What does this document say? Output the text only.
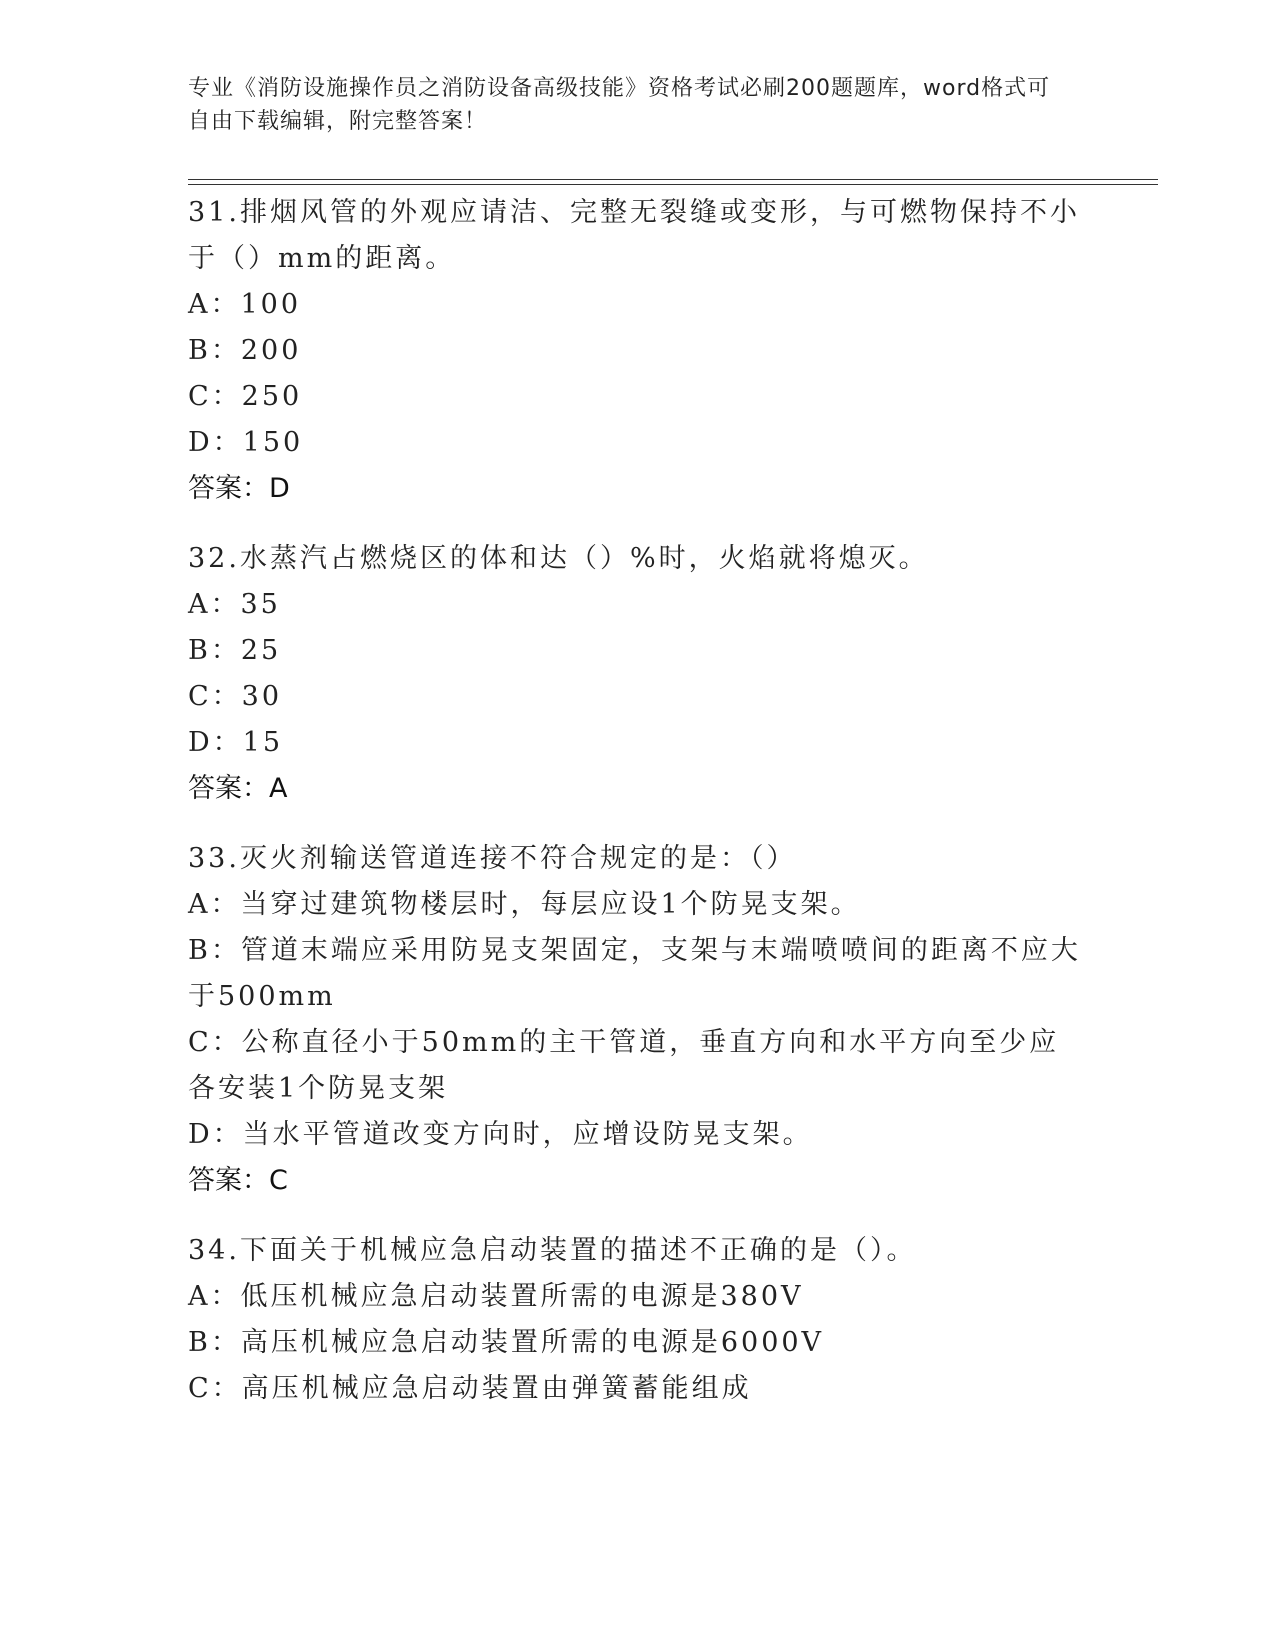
专业《消防设施操作员之消防设备高级技能》资格考试必刷200题题库，word格式可自由下载编辑，附完整答案！
31.排烟风管的外观应请洁、完整无裂缝或变形，与可燃物保持不小于（）mm的距离。
A：100
B：200
C：250
D：150
答案：D
32.水蒸汽占燃烧区的体和达（）%时，火焰就将熄灭。
A：35
B：25
C：30
D：15
答案：A
33.灭火剂输送管道连接不符合规定的是：（）
A：当穿过建筑物楼层时，每层应设1个防晃支架。
B：管道末端应采用防晃支架固定，支架与末端喷喷间的距离不应大于500mm
C：公称直径小于50mm的主干管道，垂直方向和水平方向至少应各安装1个防晃支架
D：当水平管道改变方向时，应增设防晃支架。
答案：C
34.下面关于机械应急启动装置的描述不正确的是（）。
A：低压机械应急启动装置所需的电源是380V
B：高压机械应急启动装置所需的电源是6000V
C：高压机械应急启动装置由弹簧蓄能组成
